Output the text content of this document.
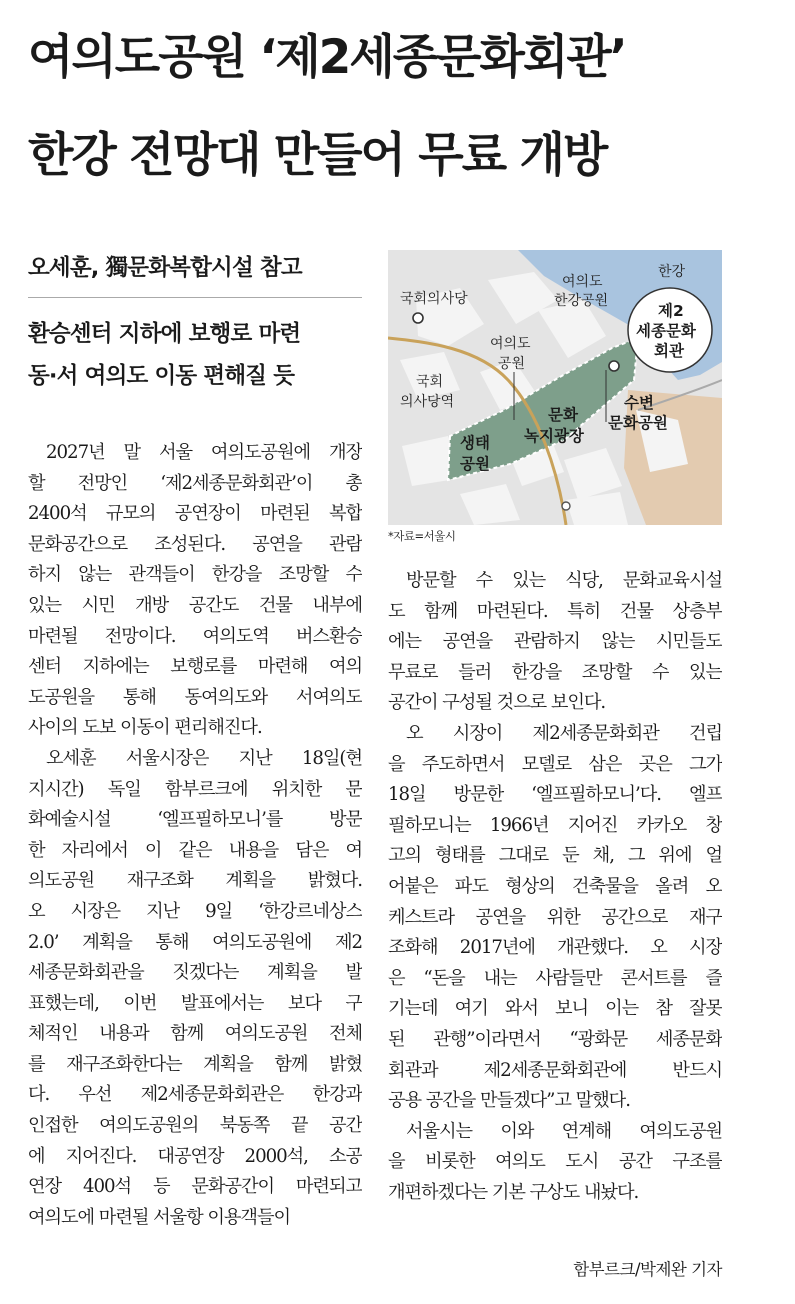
여의도공원 ‘제2세종문화회관’
한강 전망대 만들어 무료 개방
오세훈, 獨문화복합시설 참고
환승센터 지하에 보행로 마련
동·서 여의도 이동 편해질 듯
한강
여의도
한강공원
국회의사당
여의도
공원
국회
의사당역
문화
녹지광장
생태
공원
수변
문화공원
제2
세종문화
회관
*자료=서울시

2027년 말 서울 여의도공원에 개장
할 전망인 ‘제2세종문화회관’이 총
2400석 규모의 공연장이 마련된 복합
문화공간으로 조성된다. 공연을 관람
하지 않는 관객들이 한강을 조망할 수
있는 시민 개방 공간도 건물 내부에
마련될 전망이다. 여의도역 버스환승
센터 지하에는 보행로를 마련해 여의
도공원을 통해 동여의도와 서여의도
사이의 도보 이동이 편리해진다.

오세훈 서울시장은 지난 18일(현
지시간) 독일 함부르크에 위치한 문
화예술시설 ‘엘프필하모니’를 방문
한 자리에서 이 같은 내용을 담은 여
의도공원 재구조화 계획을 밝혔다.
오 시장은 지난 9일 ‘한강르네상스
2.0’ 계획을 통해 여의도공원에 제2
세종문화회관을 짓겠다는 계획을 발
표했는데, 이번 발표에서는 보다 구
체적인 내용과 함께 여의도공원 전체
를 재구조화한다는 계획을 함께 밝혔
다. 우선 제2세종문화회관은 한강과
인접한 여의도공원의 북동쪽 끝 공간
에 지어진다. 대공연장 2000석, 소공
연장 400석 등 문화공간이 마련되고
여의도에 마련될 서울항 이용객들이

방문할 수 있는 식당, 문화교육시설
도 함께 마련된다. 특히 건물 상층부
에는 공연을 관람하지 않는 시민들도
무료로 들러 한강을 조망할 수 있는
공간이 구성될 것으로 보인다.

오 시장이 제2세종문화회관 건립
을 주도하면서 모델로 삼은 곳은 그가
18일 방문한 ‘엘프필하모니’다. 엘프
필하모니는 1966년 지어진 카카오 창
고의 형태를 그대로 둔 채, 그 위에 얼
어붙은 파도 형상의 건축물을 올려 오
케스트라 공연을 위한 공간으로 재구
조화해 2017년에 개관했다. 오 시장
은 “돈을 내는 사람들만 콘서트를 즐
기는데 여기 와서 보니 이는 참 잘못
된 관행”이라면서 “광화문 세종문화
회관과 제2세종문화회관에 반드시
공용 공간을 만들겠다”고 말했다.

서울시는 이와 연계해 여의도공원
을 비롯한 여의도 도시 공간 구조를
개편하겠다는 기본 구상도 내놨다.

함부르크/박제완 기자
